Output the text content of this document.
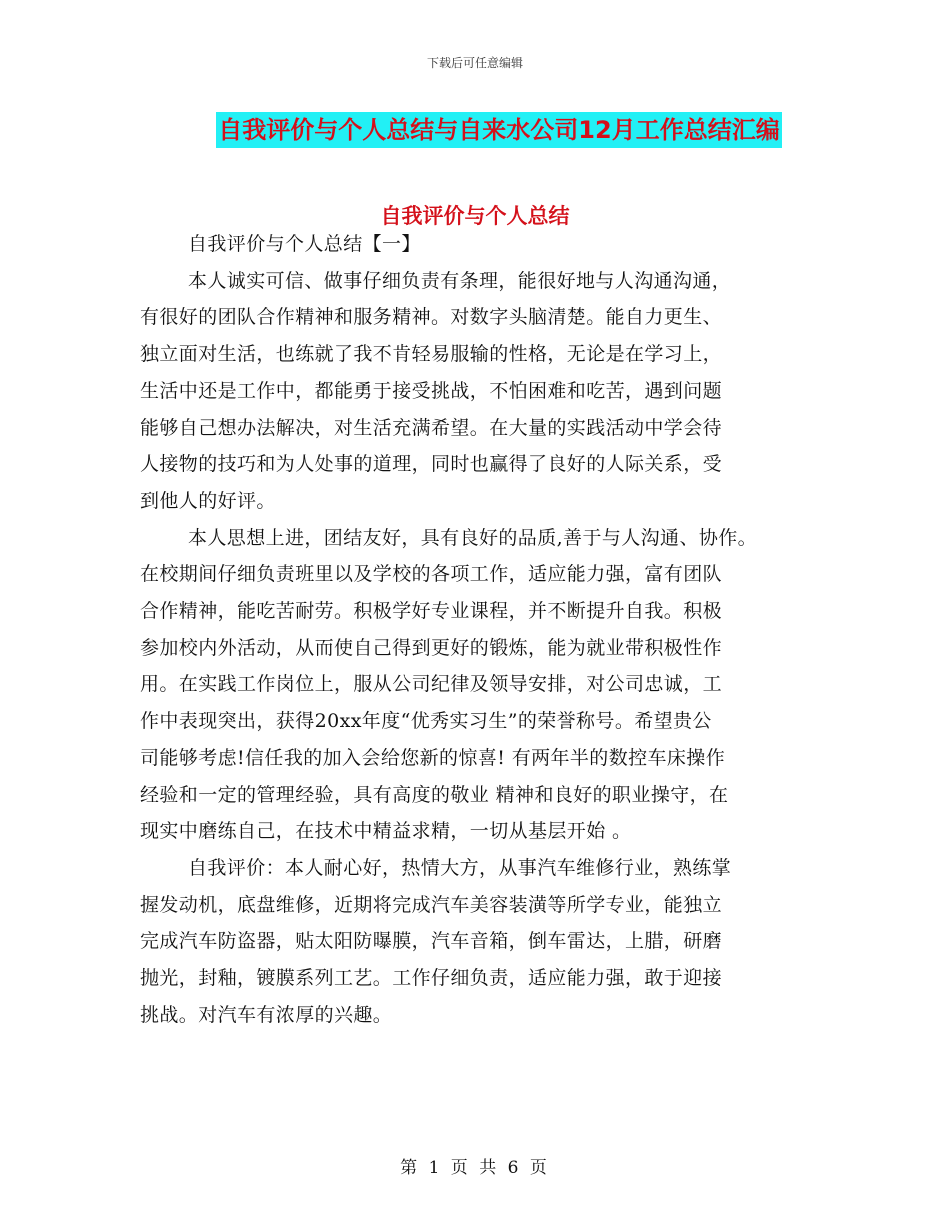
下载后可任意编辑
自我评价与个人总结与自来水公司12月工作总结汇编
自我评价与个人总结
自我评价与个人总结【一】
本人诚实可信、做事仔细负责有条理，能很好地与人沟通沟通，
有很好的团队合作精神和服务精神。对数字头脑清楚。能自力更生、
独立面对生活，也练就了我不肯轻易服输的性格，无论是在学习上，
生活中还是工作中，都能勇于接受挑战，不怕困难和吃苦，遇到问题
能够自己想办法解决，对生活充满希望。在大量的实践活动中学会待
人接物的技巧和为人处事的道理，同时也赢得了良好的人际关系，受
到他人的好评。
本人思想上进，团结友好，具有良好的品质,善于与人沟通、协作。
在校期间仔细负责班里以及学校的各项工作，适应能力强，富有团队
合作精神，能吃苦耐劳。积极学好专业课程，并不断提升自我。积极
参加校内外活动，从而使自己得到更好的锻炼，能为就业带积极性作
用。在实践工作岗位上，服从公司纪律及领导安排，对公司忠诚，工
作中表现突出，获得20xx年度“优秀实习生”的荣誉称号。希望贵公
司能够考虑!信任我的加入会给您新的惊喜! 有两年半的数控车床操作
经验和一定的管理经验，具有高度的敬业 精神和良好的职业操守，在
现实中磨练自己，在技术中精益求精，一切从基层开始 。
自我评价：本人耐心好，热情大方，从事汽车维修行业，熟练掌
握发动机，底盘维修，近期将完成汽车美容装潢等所学专业，能独立
完成汽车防盗器，贴太阳防曝膜，汽车音箱，倒车雷达，上腊，研磨
抛光，封釉，镀膜系列工艺。工作仔细负责，适应能力强，敢于迎接
挑战。对汽车有浓厚的兴趣。
第 1 页 共 6 页
